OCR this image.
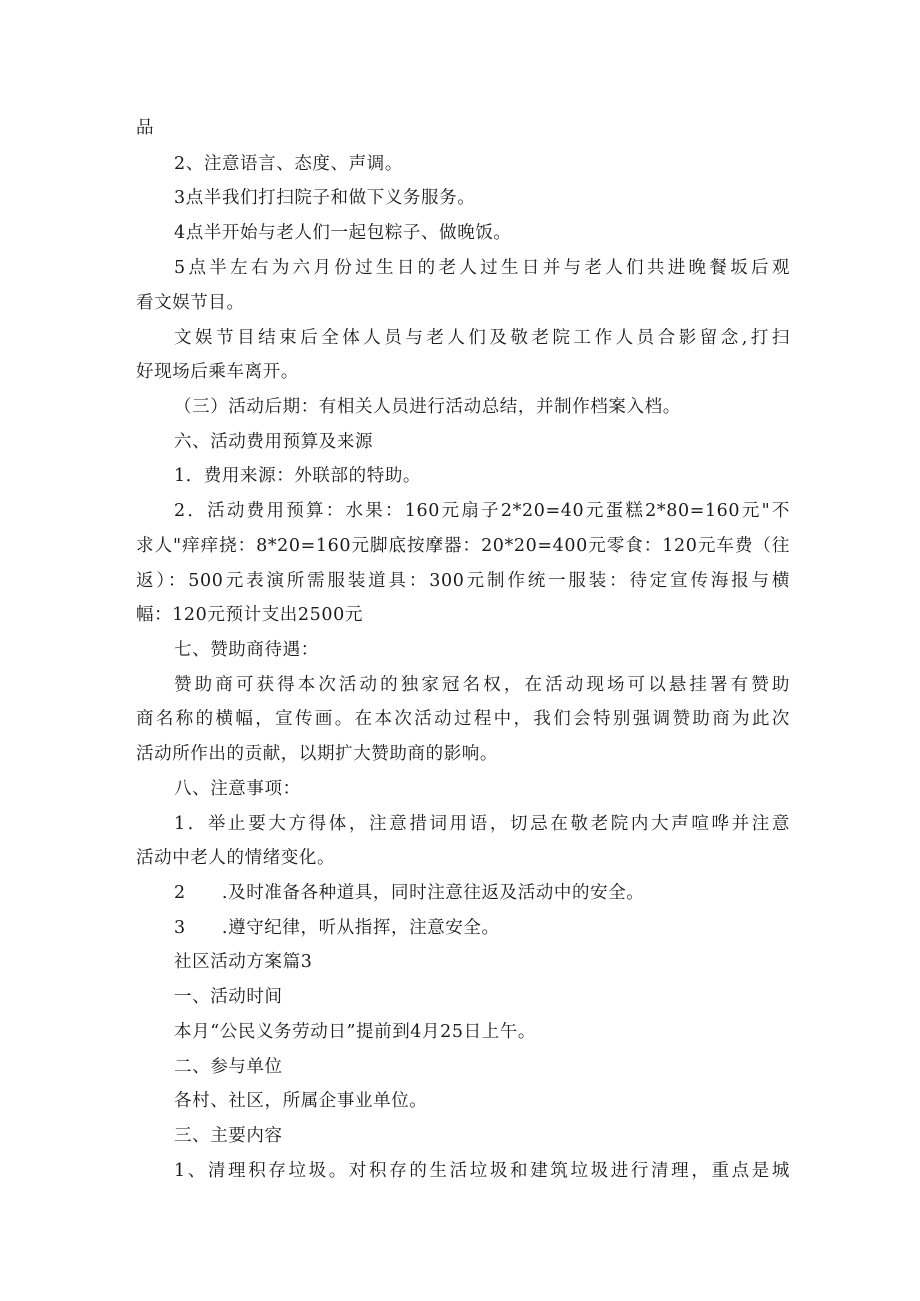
品
2、注意语言、态度、声调。
3点半我们打扫院子和做下义务服务。
4点半开始与老人们一起包粽子、做晚饭。
5点半左右为六月份过生日的老人过生日并与老人们共进晚餐坂后观
看文娱节目。
文娱节目结束后全体人员与老人们及敬老院工作人员合影留念,打扫
好现场后乘车离开。
（三）活动后期：有相关人员进行活动总结，并制作档案入档。
六、活动费用预算及来源
1．费用来源：外联部的特助。
2．活动费用预算：水果：160元扇子2*20=40元蛋糕2*80=160元"不
求人"痒痒挠：8*20=160元脚底按摩器：20*20=400元零食：120元车费（往
返）：500元表演所需服装道具：300元制作统一服装：待定宣传海报与横
幅：120元预计支出2500元
七、赞助商待遇：
赞助商可获得本次活动的独家冠名权，在活动现场可以悬挂署有赞助
商名称的横幅，宣传画。在本次活动过程中，我们会特别强调赞助商为此次
活动所作出的贡献，以期扩大赞助商的影响。
八、注意事项：
1．举止要大方得体，注意措词用语，切忌在敬老院内大声喧哗并注意
活动中老人的情绪变化。
2　　.及时准备各种道具，同时注意往返及活动中的安全。
3　　.遵守纪律，听从指挥，注意安全。
社区活动方案篇3
一、活动时间
本月“公民义务劳动日”提前到4月25日上午。
二、参与单位
各村、社区，所属企事业单位。
三、主要内容
1、清理积存垃圾。对积存的生活垃圾和建筑垃圾进行清理，重点是城
